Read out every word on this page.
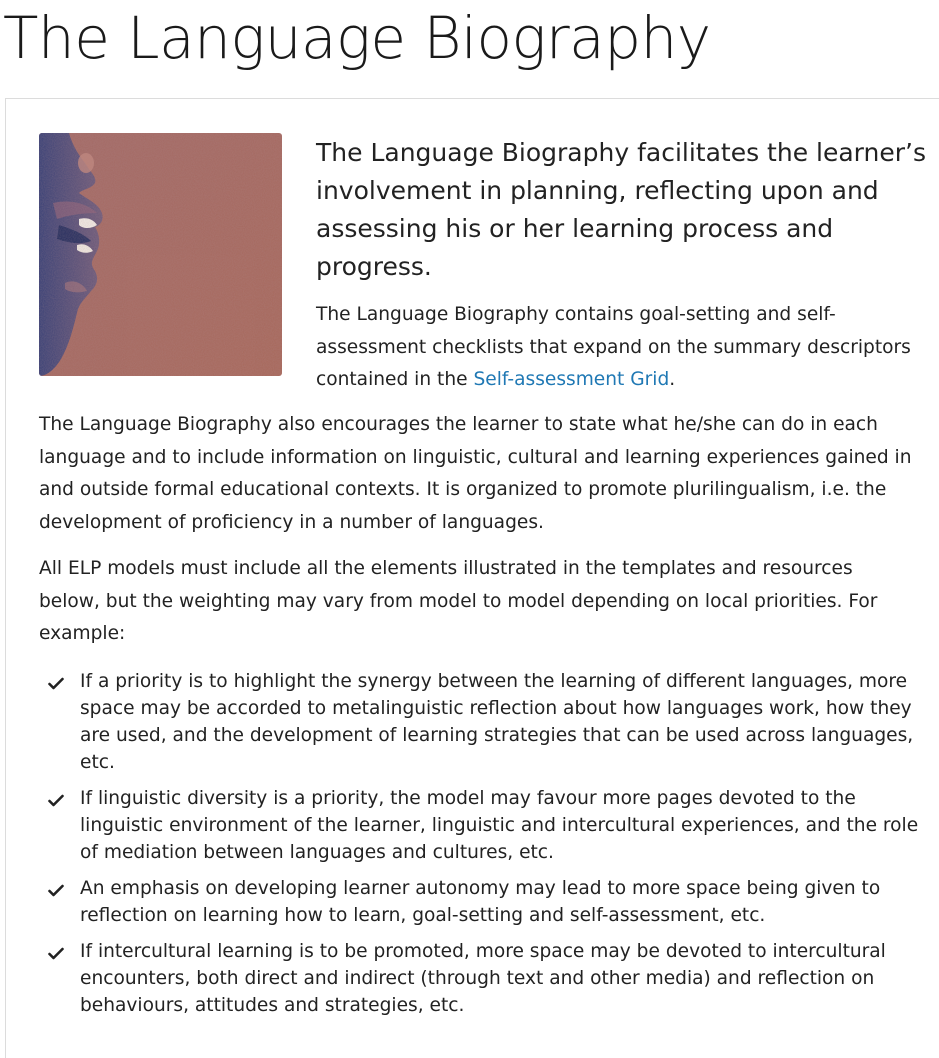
The Language Biography

The Language Biography facilitates the learner’s involvement in planning, reflecting upon and assessing his or her learning process and progress.

The Language Biography contains goal-setting and self-assessment checklists that expand on the summary descriptors contained in the Self-assessment Grid.

The Language Biography also encourages the learner to state what he/she can do in each language and to include information on linguistic, cultural and learning experiences gained in and outside formal educational contexts. It is organized to promote plurilingualism, i.e. the development of proficiency in a number of languages.

All ELP models must include all the elements illustrated in the templates and resources below, but the weighting may vary from model to model depending on local priorities. For example:

If a priority is to highlight the synergy between the learning of different languages, more space may be accorded to metalinguistic reflection about how languages work, how they are used, and the development of learning strategies that can be used across languages, etc.
If linguistic diversity is a priority, the model may favour more pages devoted to the linguistic environment of the learner, linguistic and intercultural experiences, and the role of mediation between languages and cultures, etc.
An emphasis on developing learner autonomy may lead to more space being given to reflection on learning how to learn, goal-setting and self-assessment, etc.
If intercultural learning is to be promoted, more space may be devoted to intercultural encounters, both direct and indirect (through text and other media) and reflection on behaviours, attitudes and strategies, etc.
